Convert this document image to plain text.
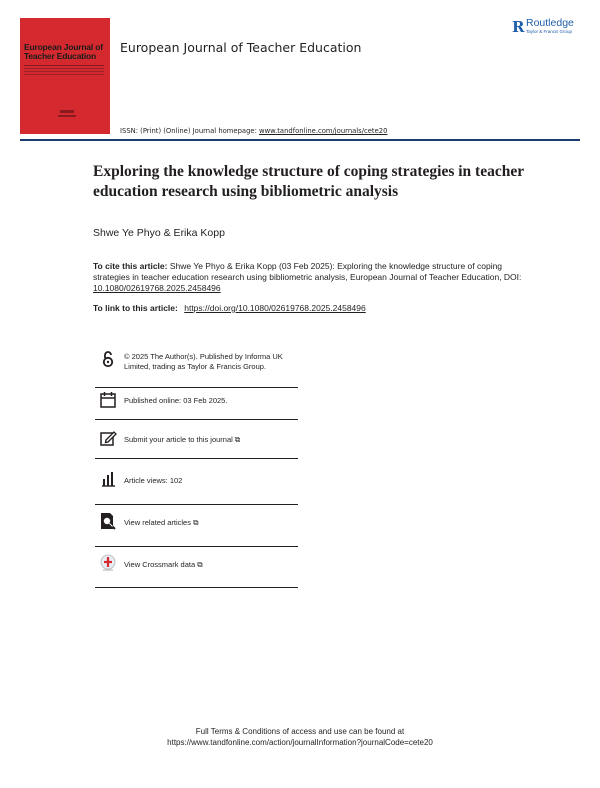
European Journal of Teacher Education
European Journal of Teacher Education
R Routledge
Taylor & Francis Group
ISSN: (Print) (Online) Journal homepage: www.tandfonline.com/journals/cete20
Exploring the knowledge structure of coping strategies in teacher education research using bibliometric analysis
Shwe Ye Phyo & Erika Kopp
To cite this article: Shwe Ye Phyo & Erika Kopp (03 Feb 2025): Exploring the knowledge structure of coping strategies in teacher education research using bibliometric analysis, European Journal of Teacher Education, DOI: 10.1080/02619768.2025.2458496
To link to this article: https://doi.org/10.1080/02619768.2025.2458496
© 2025 The Author(s). Published by Informa UK Limited, trading as Taylor & Francis Group.
Published online: 03 Feb 2025.
Submit your article to this journal ⧉
Article views: 102
View related articles ⧉
View Crossmark data ⧉
Full Terms & Conditions of access and use can be found at
https://www.tandfonline.com/action/journalInformation?journalCode=cete20
